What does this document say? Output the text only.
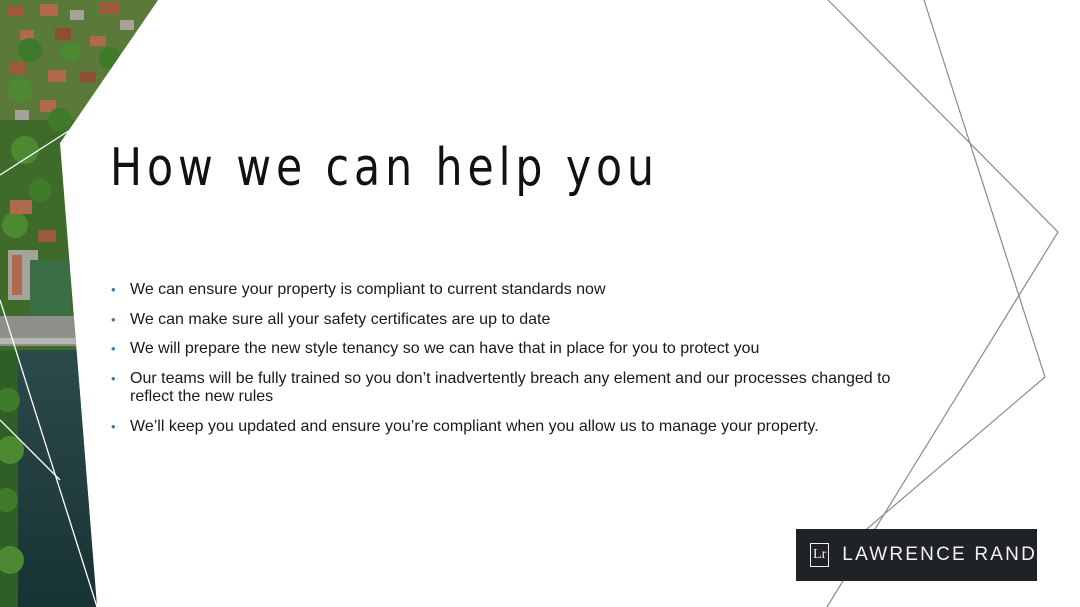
How we can help you
• We can ensure your property is compliant to current standards now
• We can make sure all your safety certificates are up to date
• We will prepare the new style tenancy so we can have that in place for you to protect you
• Our teams will be fully trained so you don’t inadvertently breach any element and our processes changed to reflect the new rules
• We’ll keep you updated and ensure you’re compliant when you allow us to manage your property.
Lr LAWRENCE RAND
